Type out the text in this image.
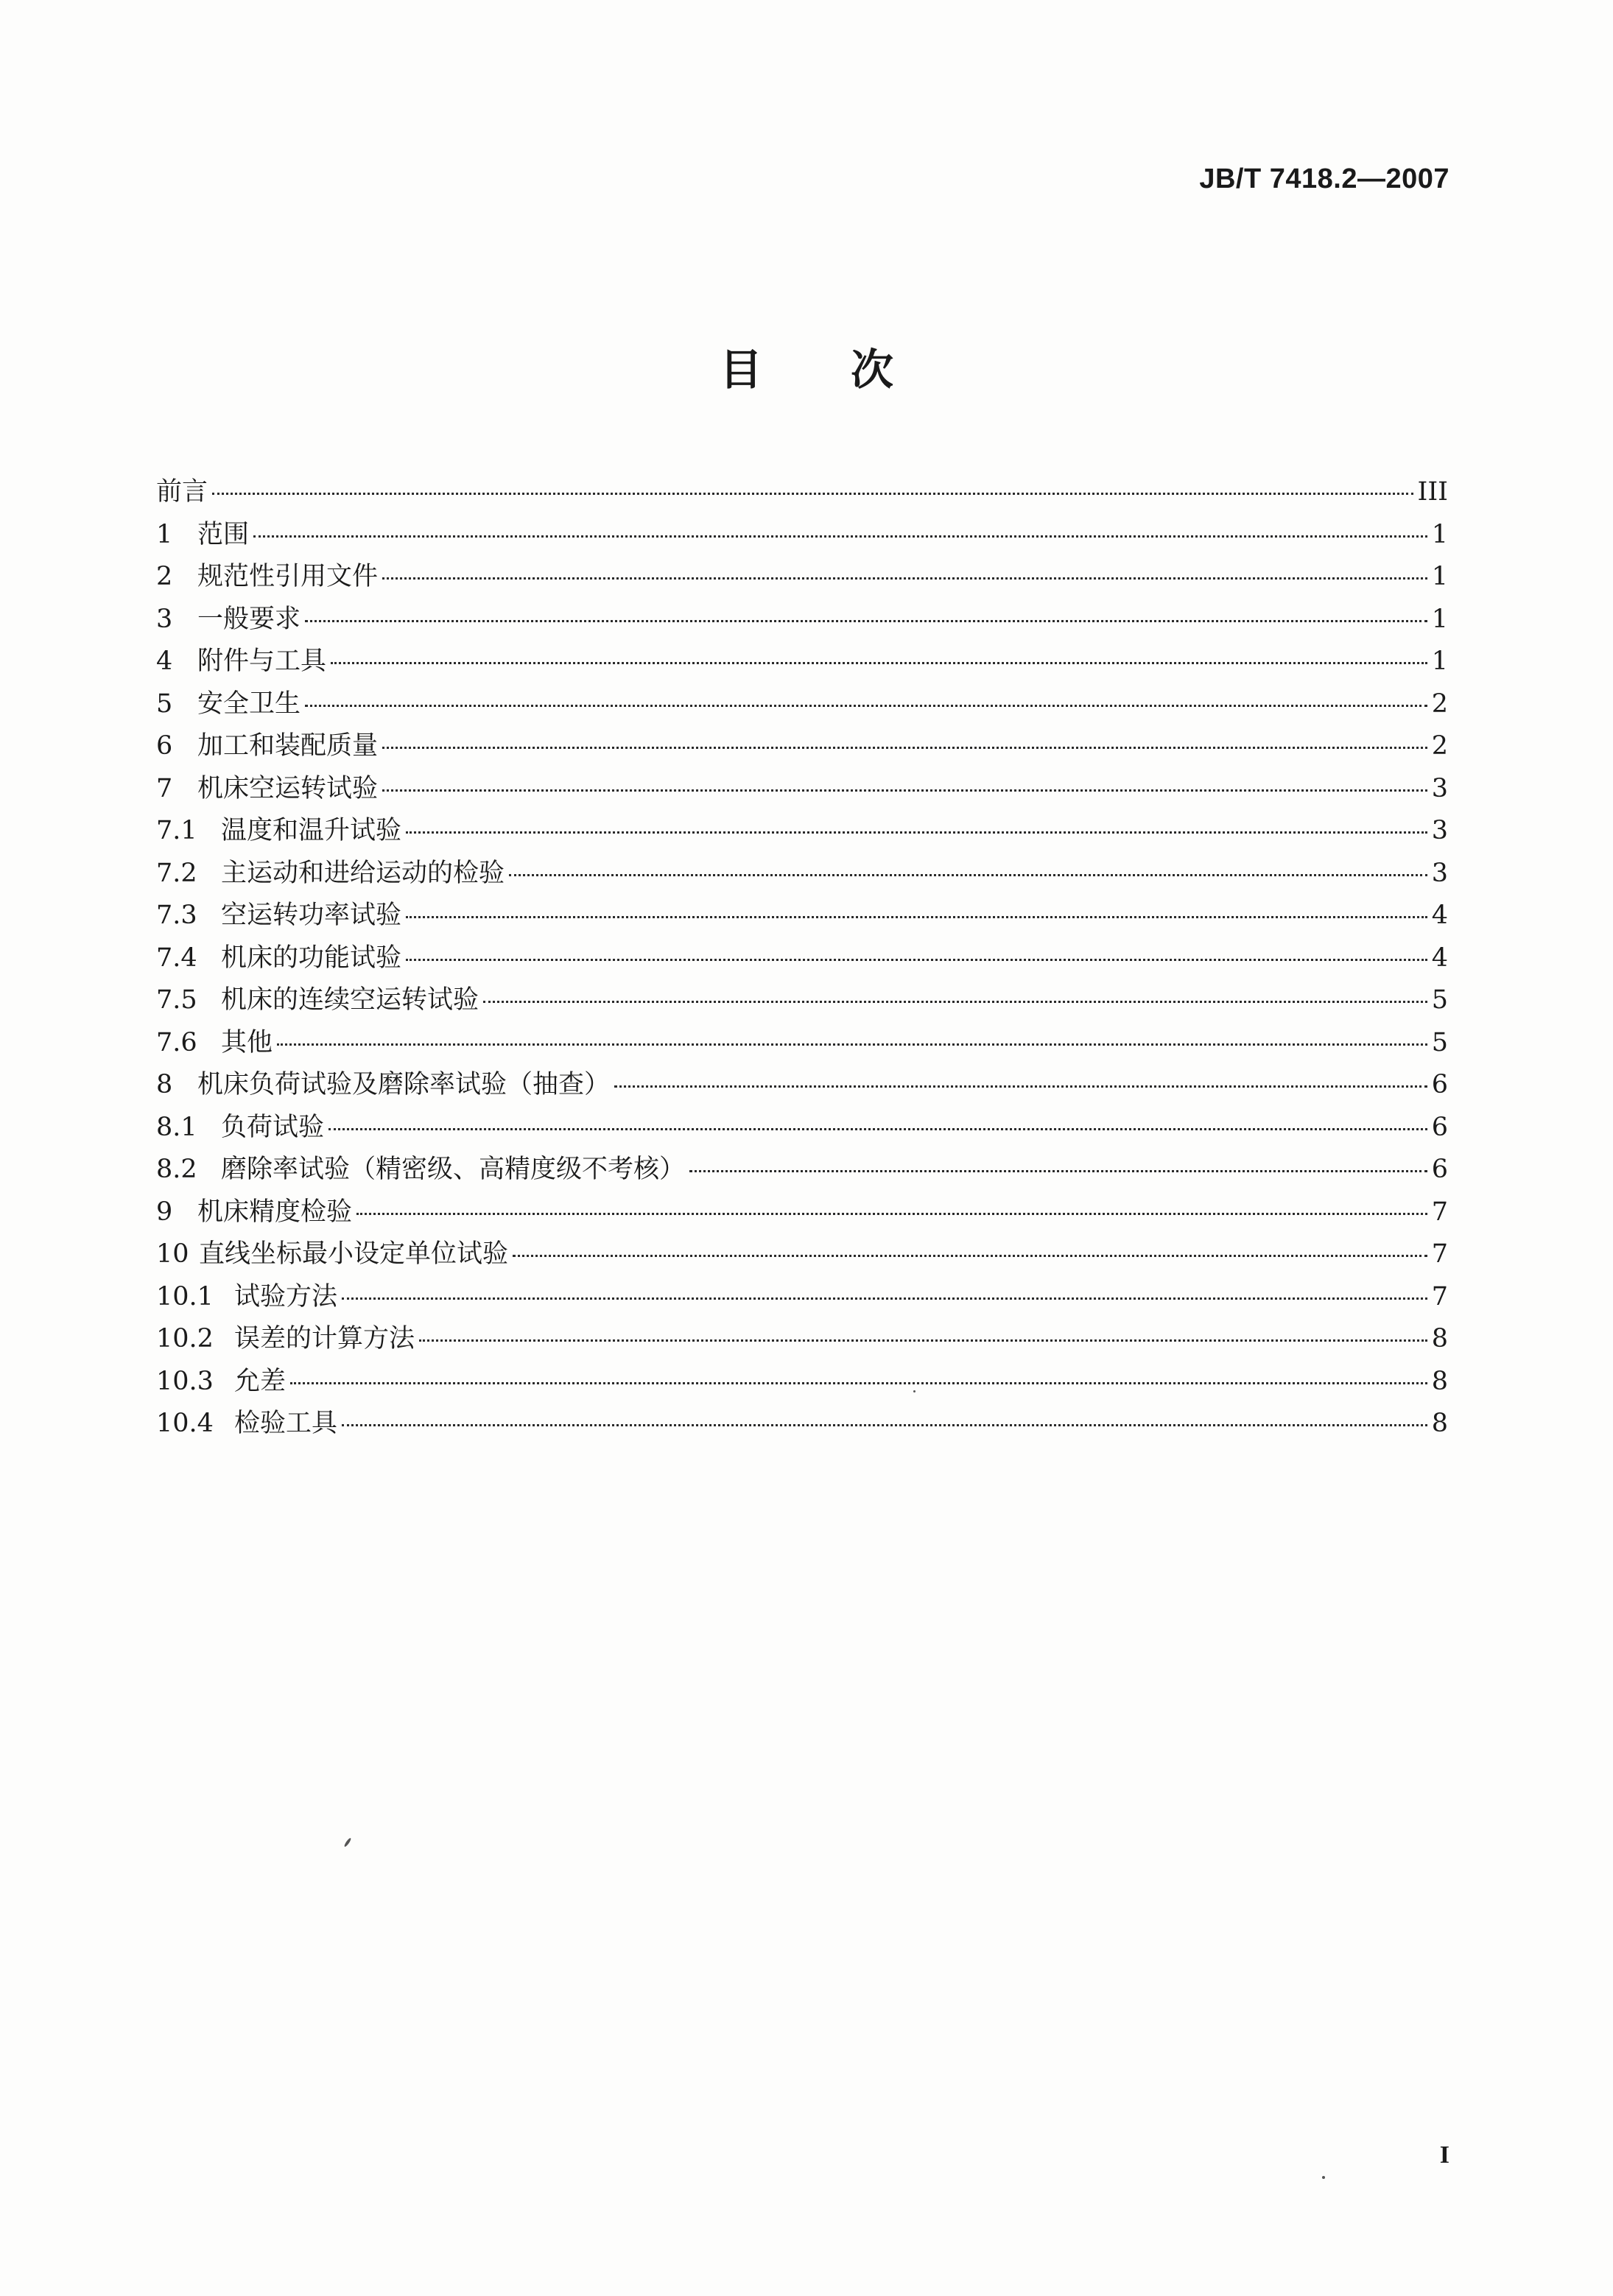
JB/T 7418.2—2007
目 次
前言	III
1 范围	1
2 规范性引用文件	1
3 一般要求	1
4 附件与工具	1
5 安全卫生	2
6 加工和装配质量	2
7 机床空运转试验	3
7.1 温度和温升试验	3
7.2 主运动和进给运动的检验	3
7.3 空运转功率试验	4
7.4 机床的功能试验	4
7.5 机床的连续空运转试验	5
7.6 其他	5
8 机床负荷试验及磨除率试验（抽查）	6
8.1 负荷试验	6
8.2 磨除率试验（精密级、高精度级不考核）	6
9 机床精度检验	7
10 直线坐标最小设定单位试验	7
10.1 试验方法	7
10.2 误差的计算方法	8
10.3 允差	8
10.4 检验工具	8
I
